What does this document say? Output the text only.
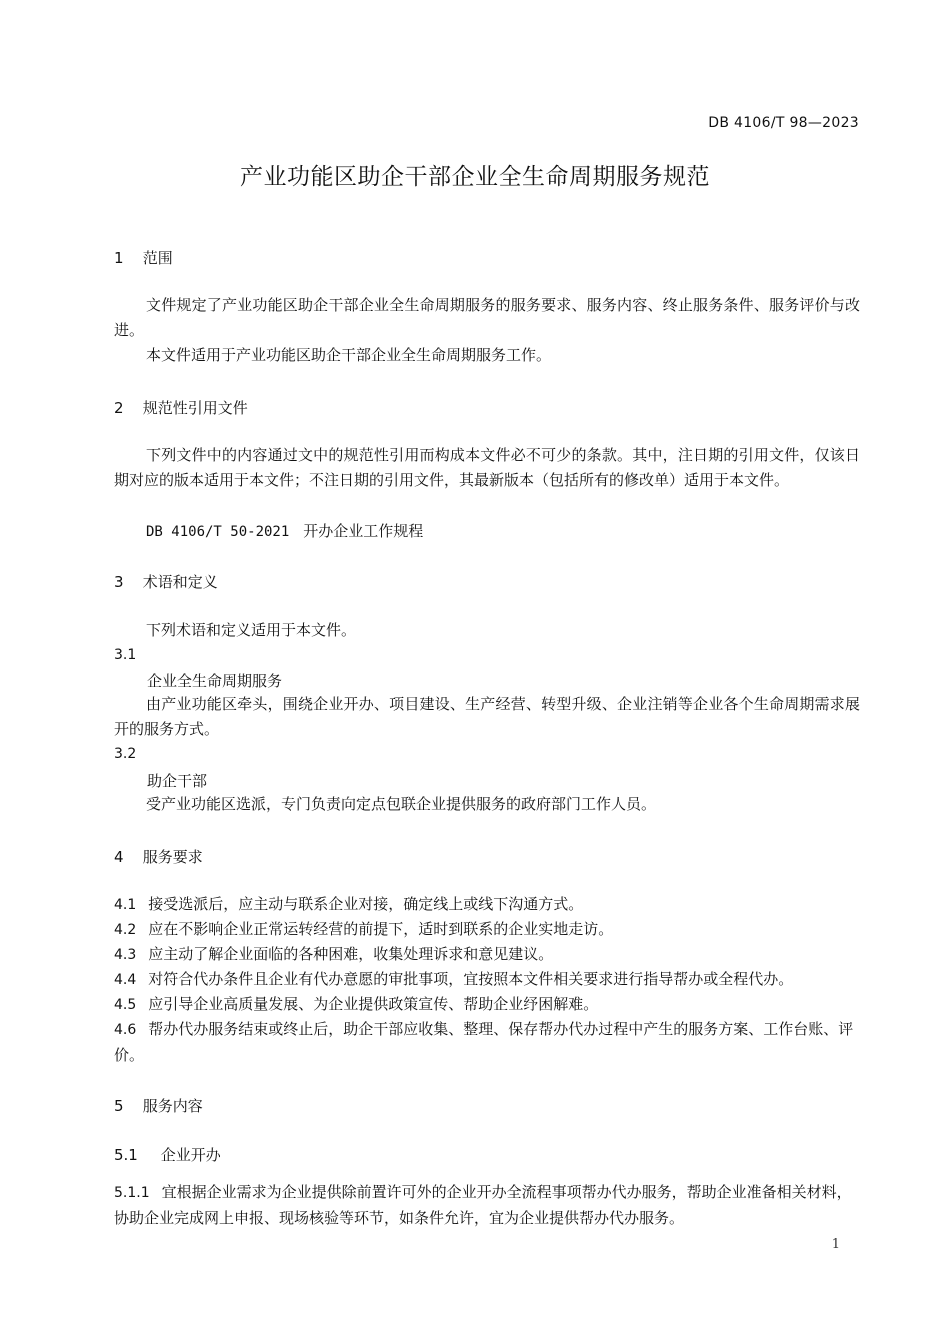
DB 4106/T 98—2023
产业功能区助企干部企业全生命周期服务规范
1 范围
文件规定了产业功能区助企干部企业全生命周期服务的服务要求、服务内容、终止服务条件、服务评价与改进。
本文件适用于产业功能区助企干部企业全生命周期服务工作。
2 规范性引用文件
下列文件中的内容通过文中的规范性引用而构成本文件必不可少的条款。其中，注日期的引用文件，仅该日期对应的版本适用于本文件；不注日期的引用文件，其最新版本（包括所有的修改单）适用于本文件。
DB 4106/T 50-2021 开办企业工作规程
3 术语和定义
下列术语和定义适用于本文件。
3.1
企业全生命周期服务
由产业功能区牵头，围绕企业开办、项目建设、生产经营、转型升级、企业注销等企业各个生命周期需求展开的服务方式。
3.2
助企干部
受产业功能区选派，专门负责向定点包联企业提供服务的政府部门工作人员。
4 服务要求
4.1 接受选派后，应主动与联系企业对接，确定线上或线下沟通方式。
4.2 应在不影响企业正常运转经营的前提下，适时到联系的企业实地走访。
4.3 应主动了解企业面临的各种困难，收集处理诉求和意见建议。
4.4 对符合代办条件且企业有代办意愿的审批事项，宜按照本文件相关要求进行指导帮办或全程代办。
4.5 应引导企业高质量发展、为企业提供政策宣传、帮助企业纾困解难。
4.6 帮办代办服务结束或终止后，助企干部应收集、整理、保存帮办代办过程中产生的服务方案、工作台账、评价。
5 服务内容
5.1 企业开办
5.1.1 宜根据企业需求为企业提供除前置许可外的企业开办全流程事项帮办代办服务，帮助企业准备相关材料，协助企业完成网上申报、现场核验等环节，如条件允许，宜为企业提供帮办代办服务。
1
